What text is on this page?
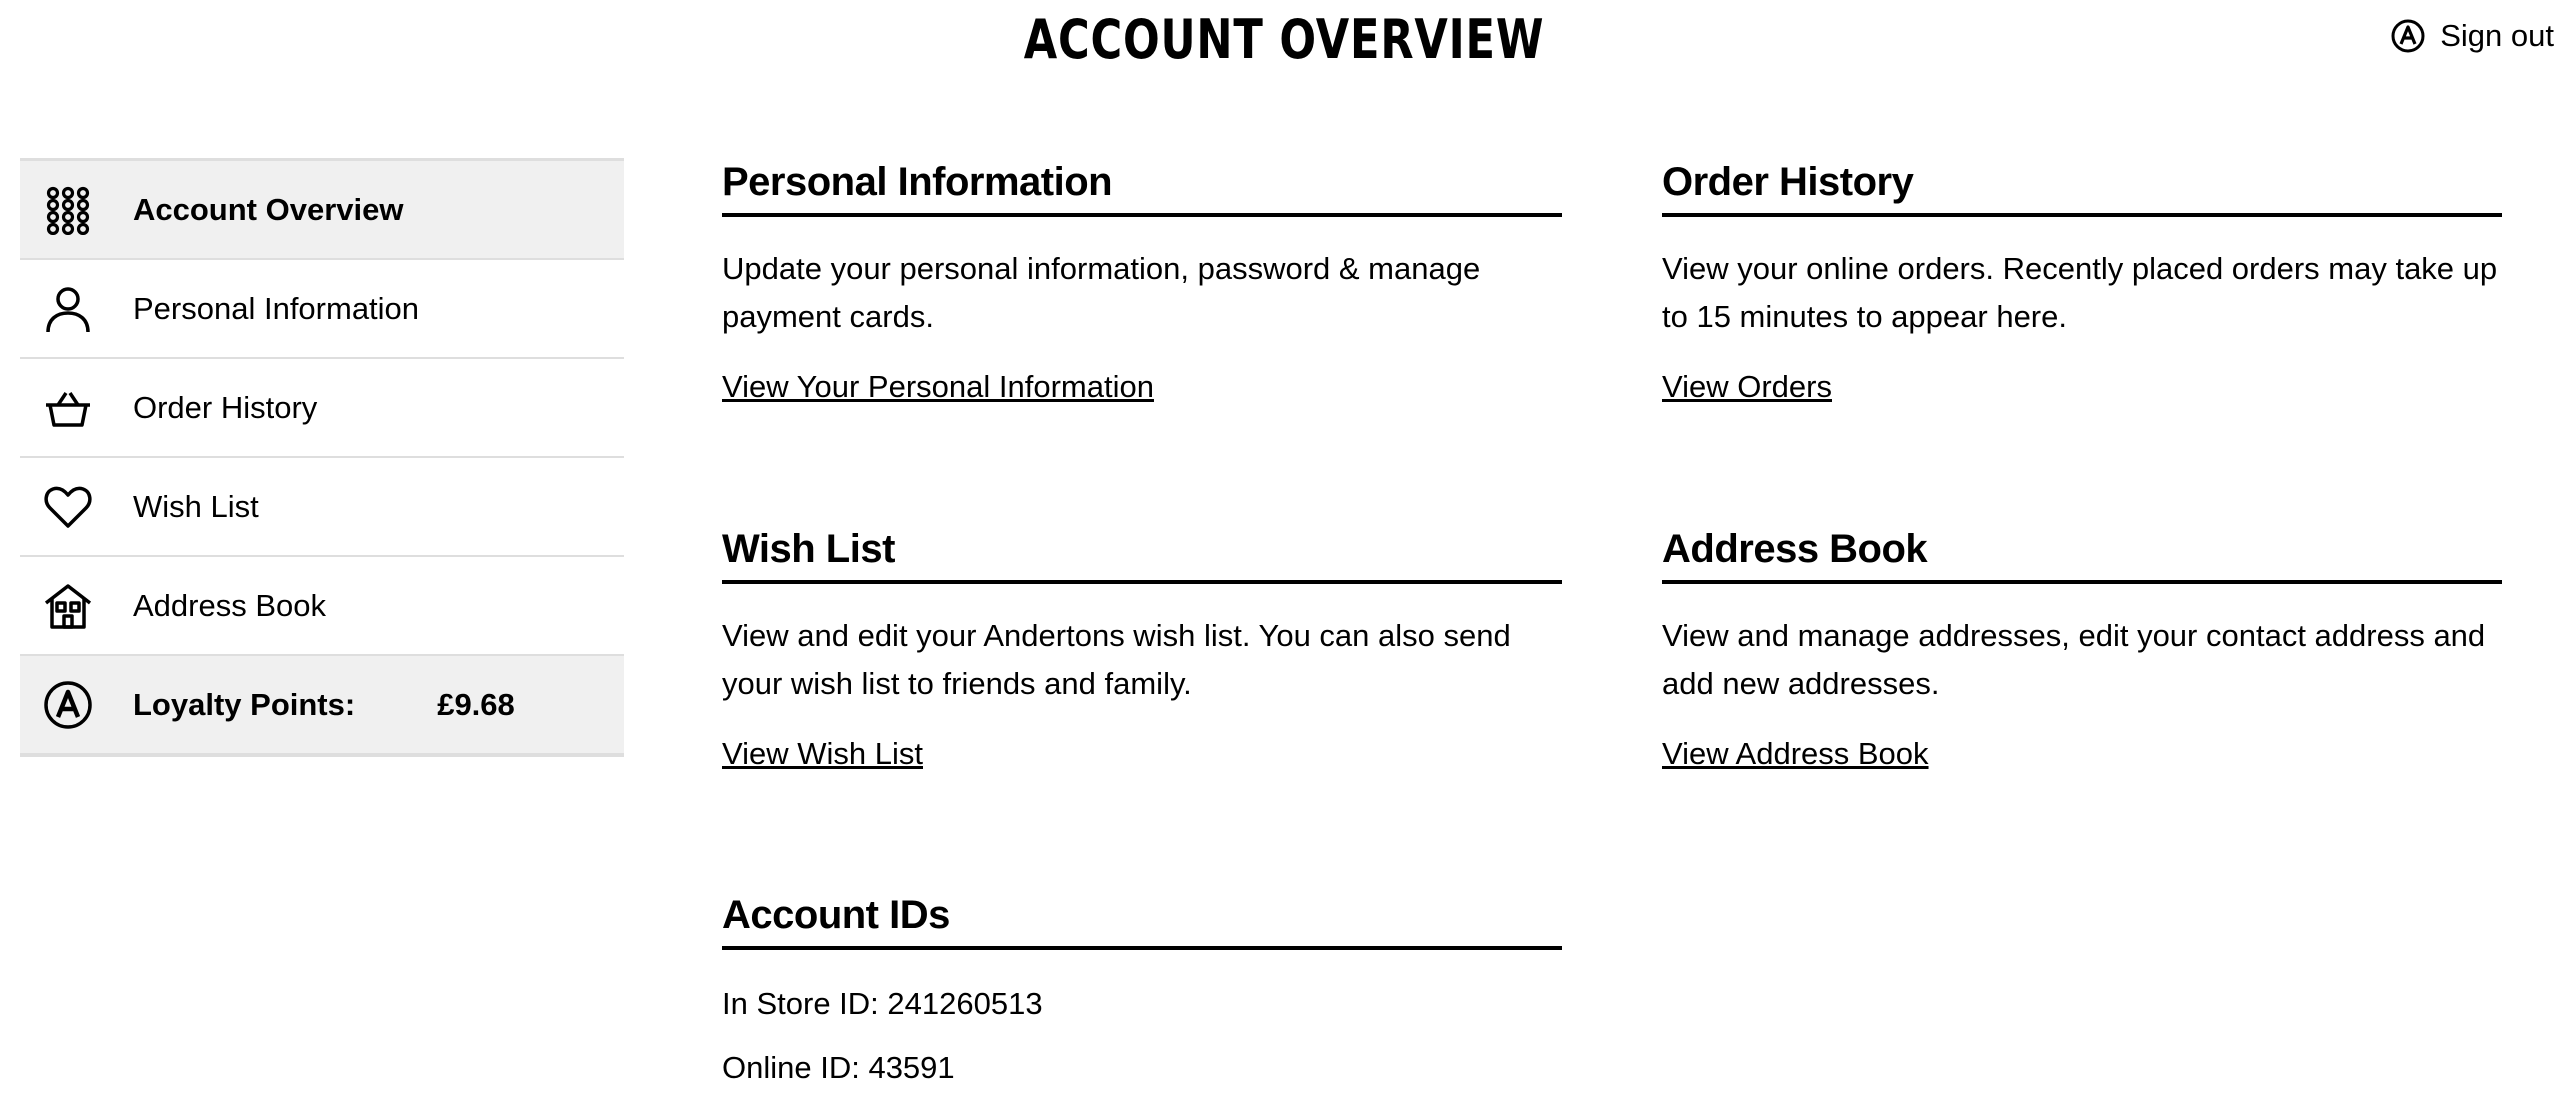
ACCOUNT OVERVIEW	Sign out
Account Overview
Personal Information
Order History
Wish List
Address Book
Loyalty Points:	£9.68
Personal Information

Update your personal information, password & manage payment cards.

View Your Personal Information
Order History

View your online orders. Recently placed orders may take up to 15 minutes to appear here.

View Orders
Wish List

View and edit your Andertons wish list. You can also send your wish list to friends and family.

View Wish List
Address Book

View and manage addresses, edit your contact address and add new addresses.

View Address Book
Account IDs

In Store ID: 241260513

Online ID: 43591
